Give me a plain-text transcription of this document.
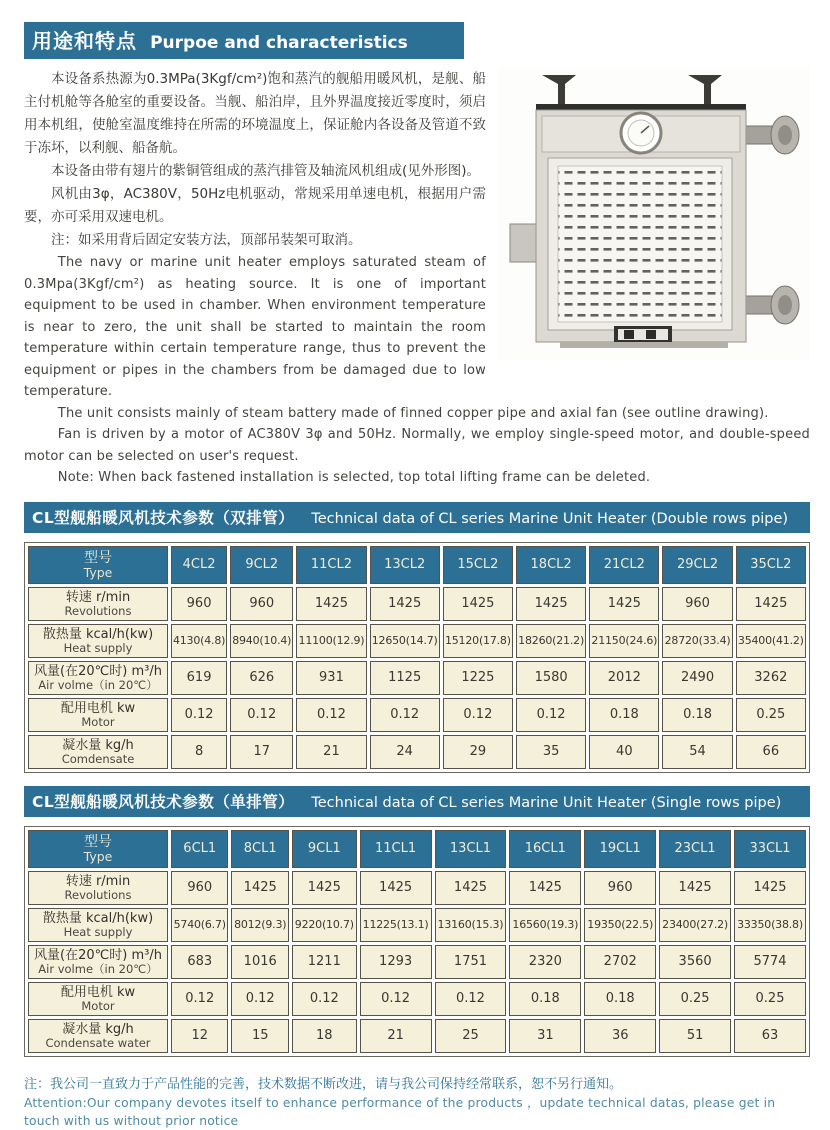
用途和特点 Purpoe and characteristics

本设备系热源为0.3MPa(3Kgf/cm²)饱和蒸汽的舰船用暖风机，是舰、船主付机舱等各舱室的重要设备。当舰、船泊岸，且外界温度接近零度时，须启用本机组，使舱室温度维持在所需的环境温度上，保证舱内各设备及管道不致于冻坏，以利舰、船备航。

本设备由带有翅片的紫铜管组成的蒸汽排管及轴流风机组成(见外形图)。

风机由3φ，AC380V，50Hz电机驱动，常规采用单速电机，根据用户需要，亦可采用双速电机。

注：如采用背后固定安装方法，顶部吊装架可取消。

The navy or marine unit heater employs saturated steam of 0.3Mpa(3Kgf/cm²) as heating source. It is one of important equipment to be used in chamber. When environment temperature is near to zero, the unit shall be started to maintain the room temperature within certain temperature range, thus to prevent the equipment or pipes in the chambers from be damaged due to low temperature.

The unit consists mainly of steam battery made of finned copper pipe and axial fan (see outline drawing).

Fan is driven by a motor of AC380V 3φ and 50Hz. Normally, we employ single-speed motor, and double-speed motor can be selected on user's request.

Note: When back fastened installation is selected, top total lifting frame can be deleted.

CL型舰船暖风机技术参数（双排管） Technical data of CL series Marine Unit Heater (Double rows pipe)
型号
Type	4CL2	9CL2	11CL2	13CL2	15CL2	18CL2	21CL2	29CL2	35CL2

转速 r/min
Revolutions	960	960	1425	1425	1425	1425	1425	960	1425

散热量 kcal/h(kw)
Heat supply	4130(4.8)	8940(10.4)	11100(12.9)	12650(14.7)	15120(17.8)	18260(21.2)	21150(24.6)	28720(33.4)	35400(41.2)

风量(在20℃时) m³/h
Air volme（in 20℃）	619	626	931	1125	1225	1580	2012	2490	3262

配用电机 kw
Motor	0.12	0.12	0.12	0.12	0.12	0.12	0.18	0.18	0.25

凝水量 kg/h
Comdensate	8	17	21	24	29	35	40	54	66
CL型舰船暖风机技术参数（单排管） Technical data of CL series Marine Unit Heater (Single rows pipe)
型号
Type	6CL1	8CL1	9CL1	11CL1	13CL1	16CL1	19CL1	23CL1	33CL1

转速 r/min
Revolutions	960	1425	1425	1425	1425	1425	960	1425	1425

散热量 kcal/h(kw)
Heat supply	5740(6.7)	8012(9.3)	9220(10.7)	11225(13.1)	13160(15.3)	16560(19.3)	19350(22.5)	23400(27.2)	33350(38.8)

风量(在20℃时) m³/h
Air volme（in 20℃）	683	1016	1211	1293	1751	2320	2702	3560	5774

配用电机 kw
Motor	0.12	0.12	0.12	0.12	0.12	0.18	0.18	0.25	0.25

凝水量 kg/h
Condensate water	12	15	18	21	25	31	36	51	63
注：我公司一直致力于产品性能的完善，技术数据不断改进，请与我公司保持经常联系，恕不另行通知。
Attention:Our company devotes itself to enhance performance of the products ，update technical datas, please get in touch with us without prior notice
